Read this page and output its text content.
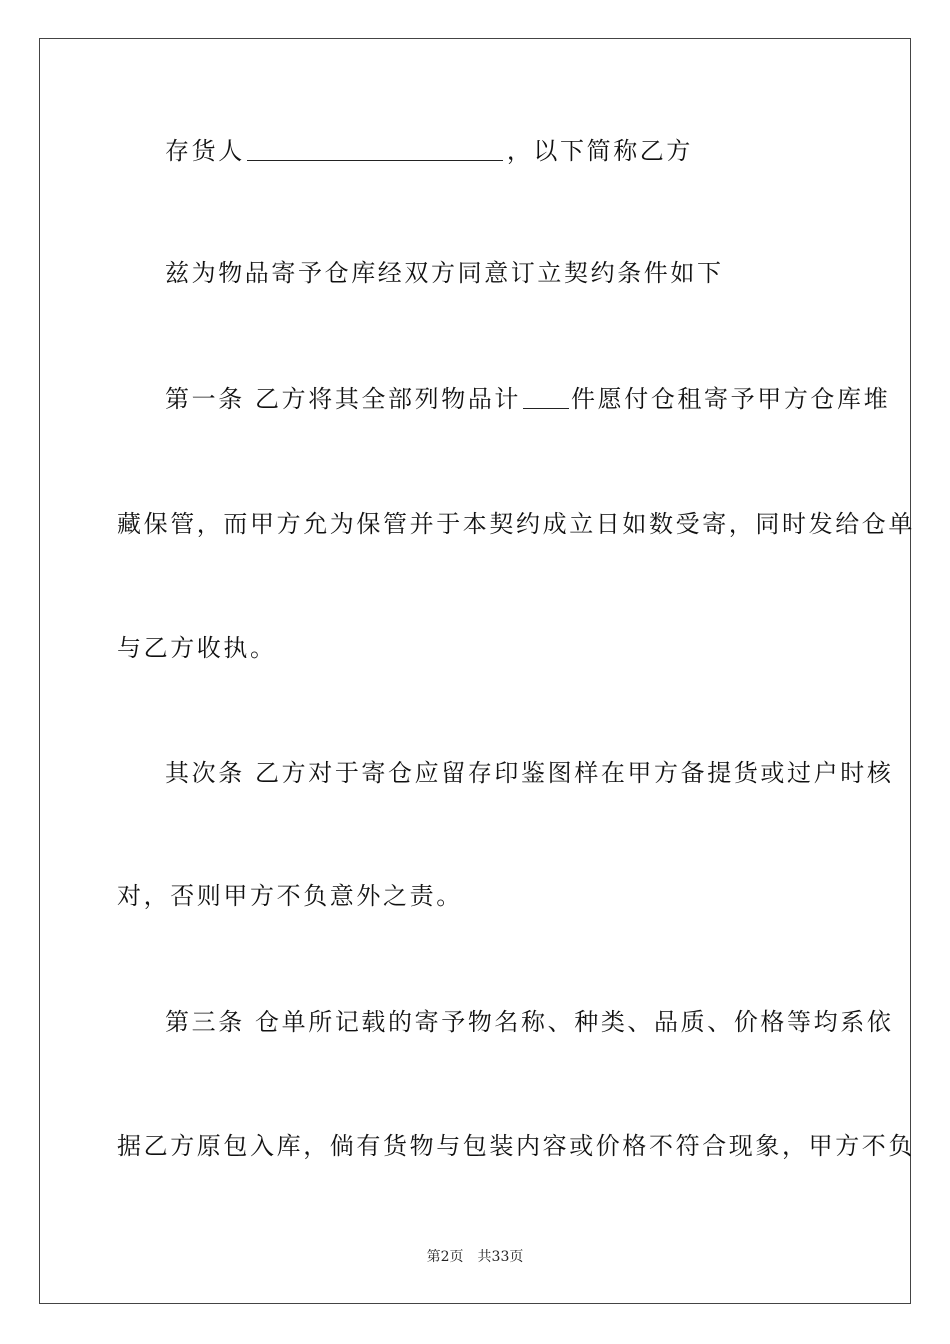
存货人	，以下简称乙方
兹为物品寄予仓库经双方同意订立契约条件如下
第一条 乙方将其全部列物品计 件愿付仓租寄予甲方仓库堆
藏保管，而甲方允为保管并于本契约成立日如数受寄，同时发给仓单
与乙方收执。
其次条 乙方对于寄仓应留存印鉴图样在甲方备提货或过户时核
对，否则甲方不负意外之责。
第三条 仓单所记载的寄予物名称、种类、品质、价格等均系依
据乙方原包入库，倘有货物与包装内容或价格不符合现象，甲方不负
第2页 共33页
